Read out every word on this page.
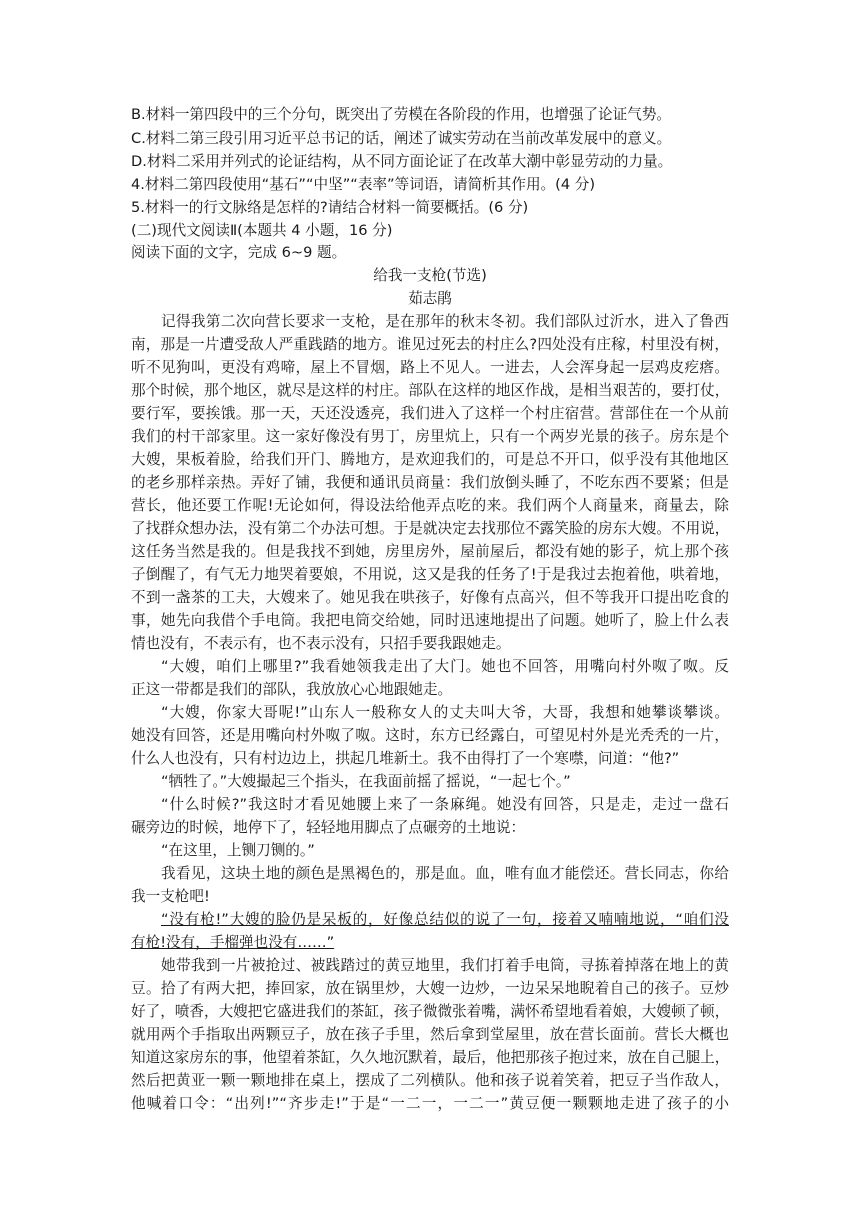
B.材料一第四段中的三个分句，既突出了劳模在各阶段的作用，也增强了论证气势。
C.材料二第三段引用习近平总书记的话，阐述了诚实劳动在当前改革发展中的意义。
D.材料二采用并列式的论证结构，从不同方面论证了在改革大潮中彰显劳动的力量。
4.材料二第四段使用“基石”“中坚”“表率”等词语，请简析其作用。(4 分)
5.材料一的行文脉络是怎样的?请结合材料一简要概括。(6 分)
(二)现代文阅读Ⅱ(本题共 4 小题，16 分)
阅读下面的文字，完成 6~9 题。
给我一支枪(节选)
茹志鹃
记得我第二次向营长要求一支枪，是在那年的秋末冬初。我们部队过沂水，进入了鲁西
南，那是一片遭受敌人严重践踏的地方。谁见过死去的村庄么?四处没有庄稼，村里没有树，
听不见狗叫，更没有鸡啼，屋上不冒烟，路上不见人。一进去，人会浑身起一层鸡皮疙瘩。
那个时候，那个地区，就尽是这样的村庄。部队在这样的地区作战，是相当艰苦的，要打仗，
要行军，要挨饿。那一天，天还没透亮，我们进入了这样一个村庄宿营。营部住在一个从前
我们的村干部家里。这一家好像没有男丁，房里炕上，只有一个两岁光景的孩子。房东是个
大嫂，果板着脸，给我们开门、腾地方，是欢迎我们的，可是总不开口，似乎没有其他地区
的老乡那样亲热。弄好了铺，我便和通讯员商量：我们放倒头睡了，不吃东西不要紧；但是
营长，他还要工作呢!无论如何，得设法给他弄点吃的来。我们两个人商量来，商量去，除
了找群众想办法，没有第二个办法可想。于是就决定去找那位不露笑脸的房东大嫂。不用说，
这任务当然是我的。但是我找不到她，房里房外，屋前屋后，都没有她的影子，炕上那个孩
子倒醒了，有气无力地哭着要娘，不用说，这又是我的任务了!于是我过去抱着他，哄着地，
不到一盏茶的工夫，大嫂来了。她见我在哄孩子，好像有点高兴，但不等我开口提出吃食的
事，她先向我借个手电筒。我把电筒交给她，同时迅速地提出了问题。她听了，脸上什么表
情也没有，不表示有，也不表示没有，只招手要我跟她走。
“大嫂，咱们上哪里?”我看她领我走出了大门。她也不回答，用嘴向村外呶了呶。反
正这一带都是我们的部队，我放放心心地跟她走。
“大嫂，你家大哥呢!”山东人一般称女人的丈夫叫大爷，大哥，我想和她攀谈攀谈。
她没有回答，还是用嘴向村外呶了呶。这时，东方已经露白，可望见村外是光秃秃的一片，
什么人也没有，只有村边边上，拱起几堆新土。我不由得打了一个寒噤，问道：“他?”
“牺牲了。”大嫂撮起三个指头，在我面前摇了摇说，“一起七个。”
“什么时候?”我这时才看见她腰上来了一条麻绳。她没有回答，只是走，走过一盘石
碾旁边的时候，地停下了，轻轻地用脚点了点碾旁的土地说：
“在这里，上铡刀铡的。”
我看见，这块土地的颜色是黑褐色的，那是血。血，唯有血才能偿还。营长同志，你给
我一支枪吧!
“没有枪!”大嫂的脸仍是呆板的，好像总结似的说了一句，接着又喃喃地说，“咱们没
有枪!没有，手榴弹也没有……”
她带我到一片被抢过、被践踏过的黄豆地里，我们打着手电筒，寻拣着掉落在地上的黄
豆。拾了有两大把，捧回家，放在锅里炒，大嫂一边炒，一边呆呆地睨着自己的孩子。豆炒
好了，喷香，大嫂把它盛进我们的茶缸，孩子微微张着嘴，满怀希望地看着娘，大嫂顿了顿，
就用两个手指取出两颗豆子，放在孩子手里，然后拿到堂屋里，放在营长面前。营长大概也
知道这家房东的事，他望着茶缸，久久地沉默着，最后，他把那孩子抱过来，放在自己腿上，
然后把黄亚一颗一颗地排在桌上，摆成了二列横队。他和孩子说着笑着，把豆子当作敌人，
他喊着口令：“出列!”“齐步走!”于是“一二一，一二一”黄豆便一颗颗地走进了孩子的小
